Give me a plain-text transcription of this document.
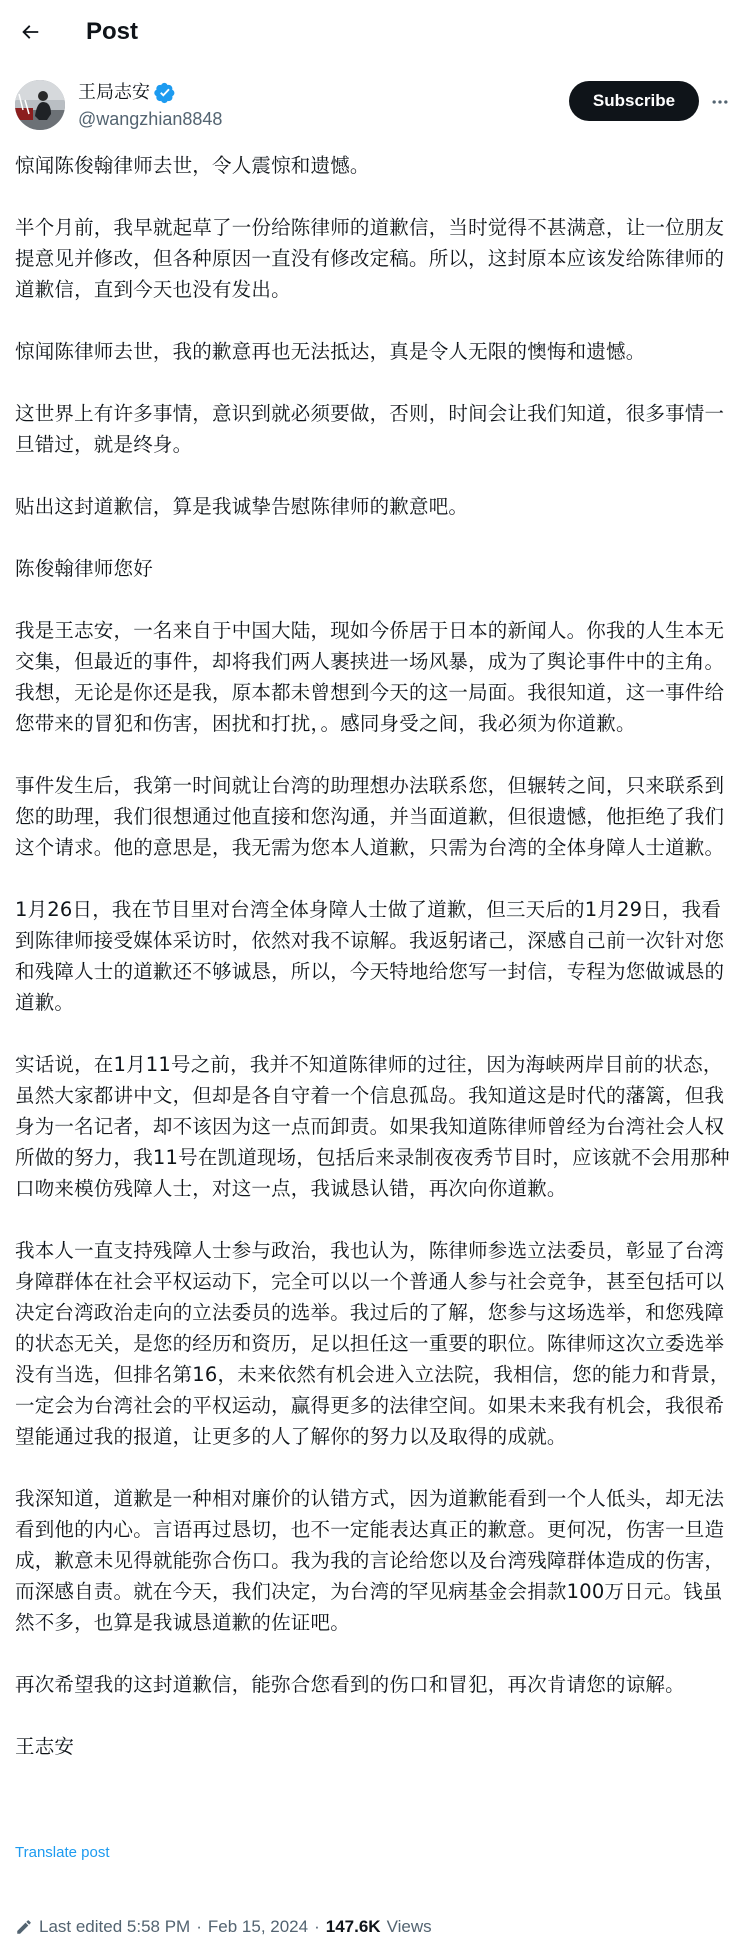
Post
王局志安
@wangzhian8848
Subscribe

惊闻陈俊翰律师去世，令人震惊和遗憾。

半个月前，我早就起草了一份给陈律师的道歉信，当时觉得不甚满意，让一位朋友提意见并修改，但各种原因一直没有修改定稿。所以，这封原本应该发给陈律师的道歉信，直到今天也没有发出。

惊闻陈律师去世，我的歉意再也无法抵达，真是令人无限的懊悔和遗憾。

这世界上有许多事情，意识到就必须要做，否则，时间会让我们知道，很多事情一旦错过，就是终身。

贴出这封道歉信，算是我诚挚告慰陈律师的歉意吧。

陈俊翰律师您好

我是王志安，一名来自于中国大陆，现如今侨居于日本的新闻人。你我的人生本无交集，但最近的事件，却将我们两人裹挟进一场风暴，成为了舆论事件中的主角。我想，无论是你还是我，原本都未曾想到今天的这一局面。我很知道，这一事件给您带来的冒犯和伤害，困扰和打扰，。感同身受之间，我必须为你道歉。

事件发生后，我第一时间就让台湾的助理想办法联系您，但辗转之间，只来联系到您的助理，我们很想通过他直接和您沟通，并当面道歉，但很遗憾，他拒绝了我们这个请求。他的意思是，我无需为您本人道歉，只需为台湾的全体身障人士道歉。

1月26日，我在节目里对台湾全体身障人士做了道歉，但三天后的1月29日，我看到陈律师接受媒体采访时，依然对我不谅解。我返躬诸己，深感自己前一次针对您和残障人士的道歉还不够诚恳，所以，今天特地给您写一封信，专程为您做诚恳的道歉。

实话说，在1月11号之前，我并不知道陈律师的过往，因为海峡两岸目前的状态，虽然大家都讲中文，但却是各自守着一个信息孤岛。我知道这是时代的藩篱，但我身为一名记者，却不该因为这一点而卸责。如果我知道陈律师曾经为台湾社会人权所做的努力，我11号在凯道现场，包括后来录制夜夜秀节目时，应该就不会用那种口吻来模仿残障人士，对这一点，我诚恳认错，再次向你道歉。

我本人一直支持残障人士参与政治，我也认为，陈律师参选立法委员，彰显了台湾身障群体在社会平权运动下，完全可以以一个普通人参与社会竞争，甚至包括可以决定台湾政治走向的立法委员的选举。我过后的了解，您参与这场选举，和您残障的状态无关，是您的经历和资历，足以担任这一重要的职位。陈律师这次立委选举没有当选，但排名第16，未来依然有机会进入立法院，我相信，您的能力和背景，一定会为台湾社会的平权运动，赢得更多的法律空间。如果未来我有机会，我很希望能通过我的报道，让更多的人了解你的努力以及取得的成就。

我深知道，道歉是一种相对廉价的认错方式，因为道歉能看到一个人低头，却无法看到他的内心。言语再过恳切，也不一定能表达真正的歉意。更何况，伤害一旦造成，歉意未见得就能弥合伤口。我为我的言论给您以及台湾残障群体造成的伤害，而深感自责。就在今天，我们决定，为台湾的罕见病基金会捐款100万日元。钱虽然不多，也算是我诚恳道歉的佐证吧。

再次希望我的这封道歉信，能弥合您看到的伤口和冒犯，再次肯请您的谅解。

王志安

Translate post
Last edited 5:58 PM · Feb 15, 2024 · 147.6K Views
